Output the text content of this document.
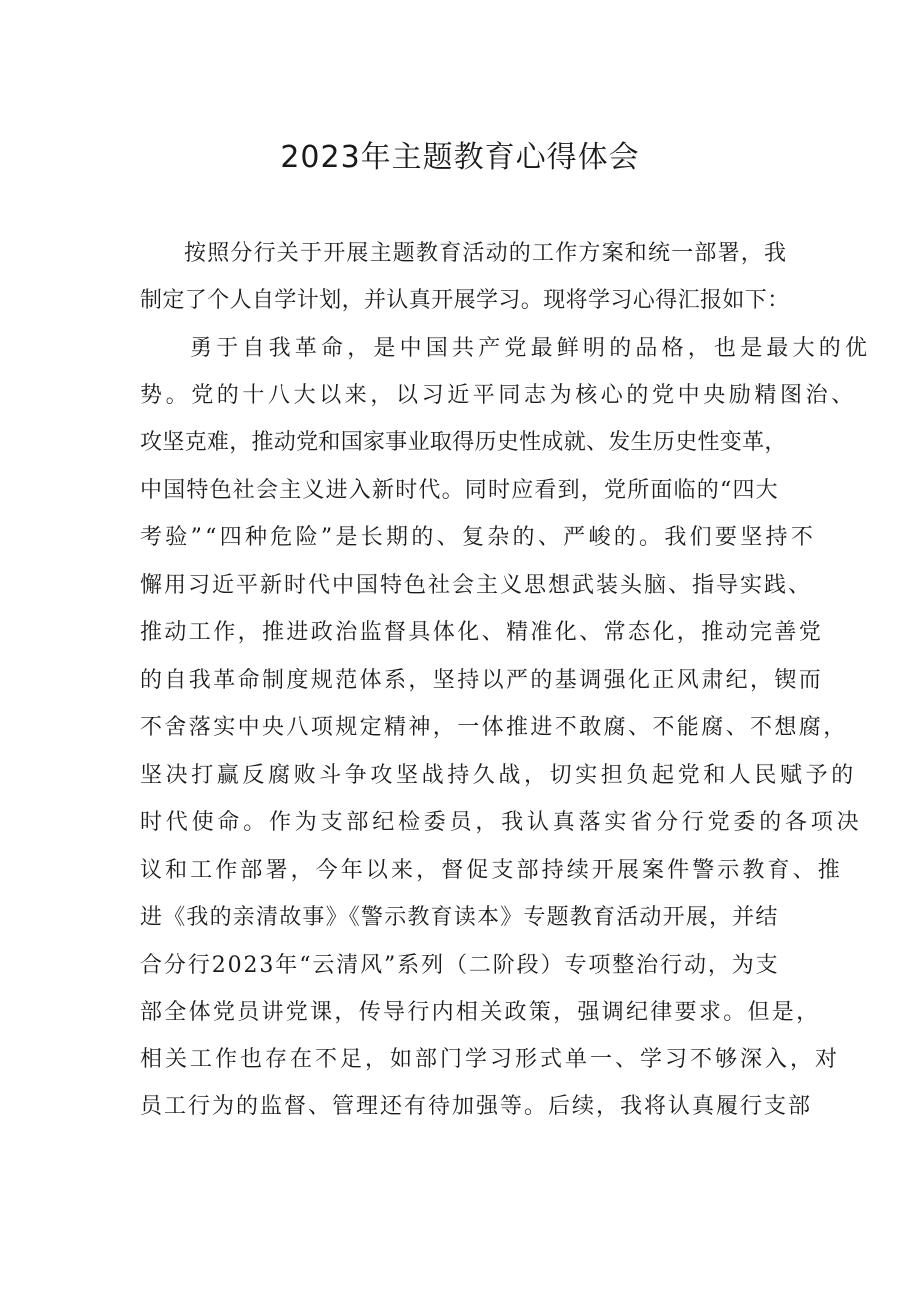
2023年主题教育心得体会
按照分行关于开展主题教育活动的工作方案和统一部署，我
制定了个人自学计划，并认真开展学习。现将学习心得汇报如下：
勇于自我革命，是中国共产党最鲜明的品格，也是最大的优
势。党的十八大以来，以习近平同志为核心的党中央励精图治、
攻坚克难，推动党和国家事业取得历史性成就、发生历史性变革，
中国特色社会主义进入新时代。同时应看到，党所面临的“四大
考验”“四种危险”是长期的、复杂的、严峻的。我们要坚持不
懈用习近平新时代中国特色社会主义思想武装头脑、指导实践、
推动工作，推进政治监督具体化、精准化、常态化，推动完善党
的自我革命制度规范体系，坚持以严的基调强化正风肃纪，锲而
不舍落实中央八项规定精神，一体推进不敢腐、不能腐、不想腐，
坚决打赢反腐败斗争攻坚战持久战，切实担负起党和人民赋予的
时代使命。作为支部纪检委员，我认真落实省分行党委的各项决
议和工作部署，今年以来，督促支部持续开展案件警示教育、推
进《我的亲清故事》《警示教育读本》专题教育活动开展，并结
合分行2023年“云清风”系列（二阶段）专项整治行动，为支
部全体党员讲党课，传导行内相关政策，强调纪律要求。但是，
相关工作也存在不足，如部门学习形式单一、学习不够深入，对
员工行为的监督、管理还有待加强等。后续，我将认真履行支部
